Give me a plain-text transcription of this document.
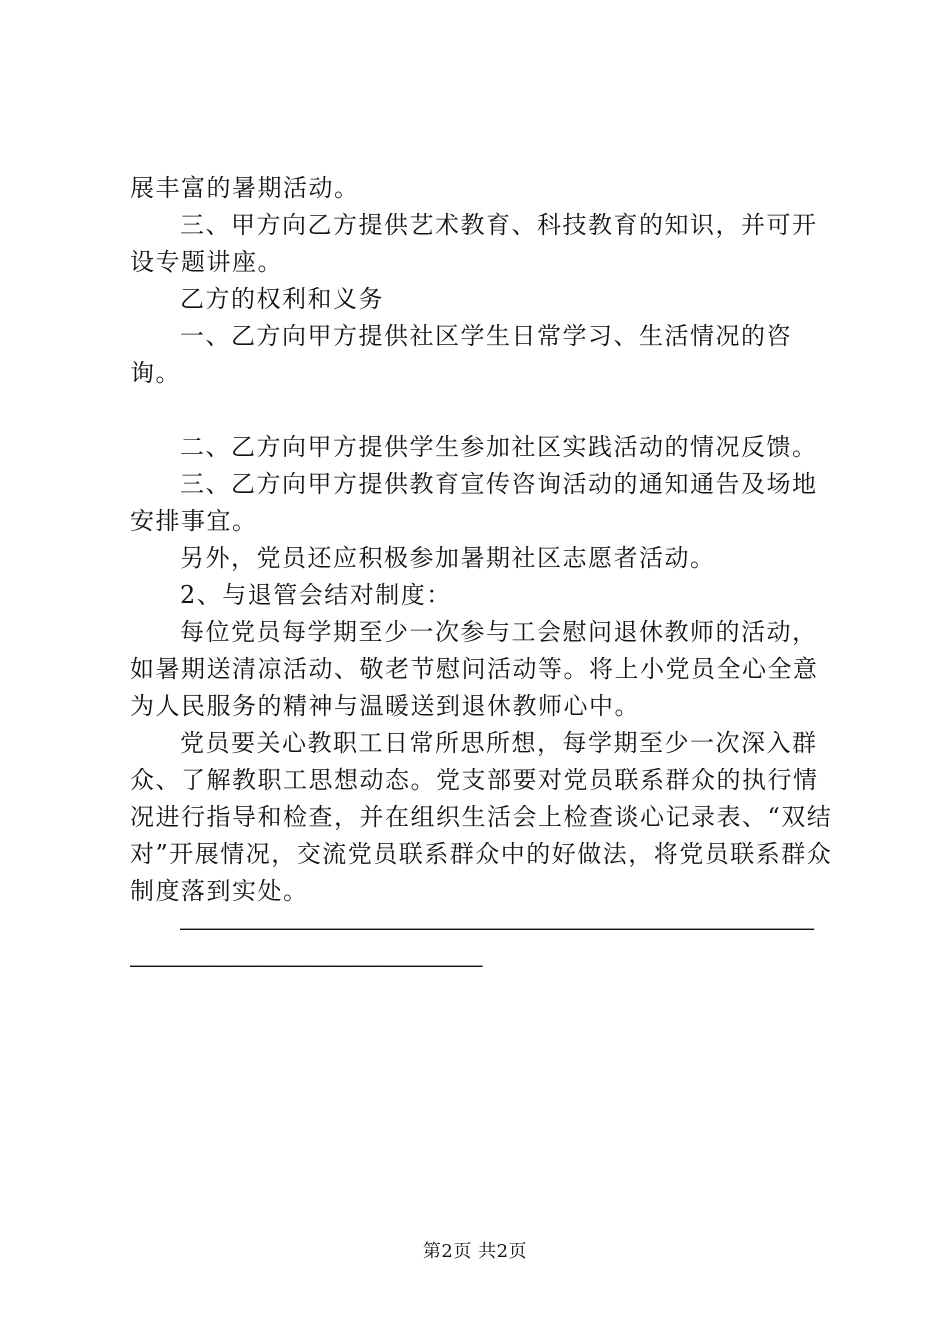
展丰富的暑期活动。

三、甲方向乙方提供艺术教育、科技教育的知识，并可开设专题讲座。

乙方的权利和义务

一、乙方向甲方提供社区学生日常学习、生活情况的咨询。

二、乙方向甲方提供学生参加社区实践活动的情况反馈。

三、乙方向甲方提供教育宣传咨询活动的通知通告及场地安排事宜。

另外，党员还应积极参加暑期社区志愿者活动。

2、与退管会结对制度：

每位党员每学期至少一次参与工会慰问退休教师的活动，如暑期送清凉活动、敬老节慰问活动等。将上小党员全心全意为人民服务的精神与温暖送到退休教师心中。

党员要关心教职工日常所思所想，每学期至少一次深入群众、了解教职工思想动态。党支部要对党员联系群众的执行情况进行指导和检查，并在组织生活会上检查谈心记录表、“双结对”开展情况，交流党员联系群众中的好做法，将党员联系群众制度落到实处。

——————————————————————————————————————————————————————

——————————————————————————————

第2页 共2页
